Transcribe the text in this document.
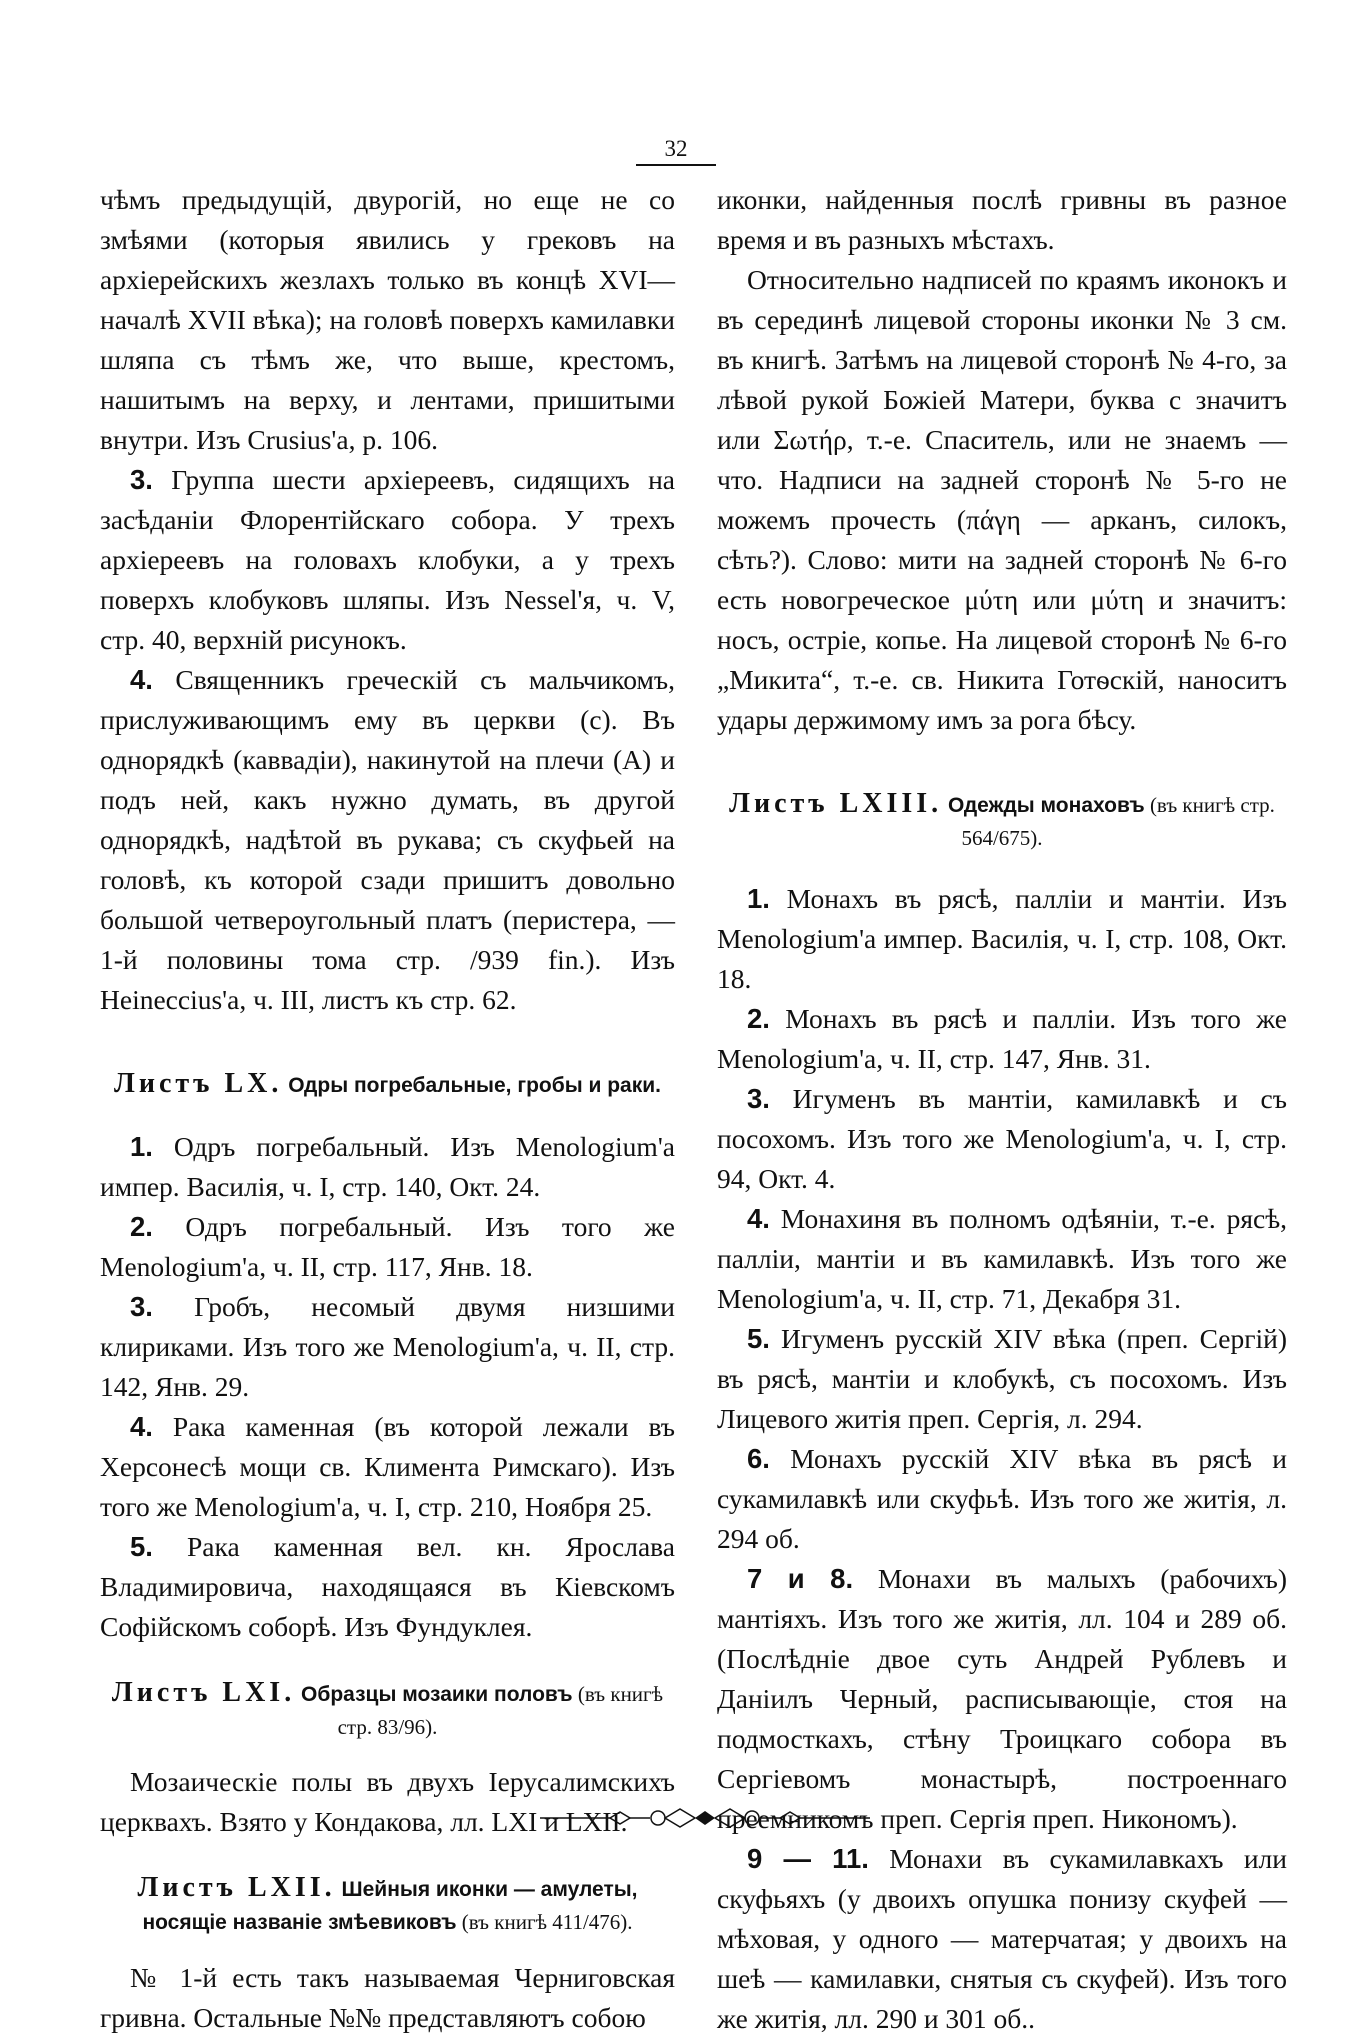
32

чѣмъ предыдущій, двурогій, но еще не со змѣями (которыя явились у грековъ на архіерейскихъ жезлахъ только въ концѣ XVI—началѣ XVII вѣка); на головѣ поверхъ камилавки шляпа съ тѣмъ же, что выше, крестомъ, нашитымъ на верху, и лентами, пришитыми внутри. Изъ Crusius'а, р. 106.

3. Группа шести архіереевъ, сидящихъ на засѣданіи Флорентійскаго собора. У трехъ архіереевъ на головахъ клобуки, а у трехъ поверхъ клобуковъ шляпы. Изъ Nessel'я, ч. V, стр. 40, верхній рисунокъ.

4. Священникъ греческій съ мальчикомъ, прислуживающимъ ему въ церкви (c). Въ однорядкѣ (каввадіи), накинутой на плечи (A) и подъ ней, какъ нужно думать, въ другой однорядкѣ, надѣтой въ рукава; съ скуфьей на головѣ, къ которой сзади пришитъ довольно большой четвероугольный платъ (перистера, — 1-й половины тома стр. /939 fin.). Изъ Heineccius'а, ч. III, листъ къ стр. 62.

Листъ LX. Одры погребальные, гробы и раки.

1. Одръ погребальный. Изъ Menologium'а импер. Василія, ч. I, стр. 140, Окт. 24.

2. Одръ погребальный. Изъ того же Menologium'а, ч. II, стр. 117, Янв. 18.

3. Гробъ, несомый двумя низшими клириками. Изъ того же Menologium'а, ч. II, стр. 142, Янв. 29.

4. Рака каменная (въ которой лежали въ Херсонесѣ мощи св. Климента Римскаго). Изъ того же Menologium'а, ч. I, стр. 210, Ноября 25.

5. Рака каменная вел. кн. Ярослава Владимировича, находящаяся въ Кіевскомъ Софійскомъ соборѣ. Изъ Фундуклея.

Листъ LXI. Образцы мозаики половъ (въ книгѣ стр. 83/96).

Мозаическіе полы въ двухъ Іерусалимскихъ церквахъ. Взято у Кондакова, лл. LXI и LXII.

Листъ LXII. Шейныя иконки — амулеты, носящіе названіе змѣевиковъ (въ книгѣ 411/476).

№ 1-й есть такъ называемая Черниговская гривна. Остальные №№ представляютъ собою

иконки, найденныя послѣ гривны въ разное время и въ разныхъ мѣстахъ.

Относительно надписей по краямъ иконокъ и въ серединѣ лицевой стороны иконки № 3 см. въ книгѣ. Затѣмъ на лицевой сторонѣ № 4-го, за лѣвой рукой Божіей Матери, буква с значитъ или Σωτήρ, т.-е. Спаситель, или не знаемъ — что. Надписи на задней сторонѣ № 5-го не можемъ прочесть (πάγη — арканъ, силокъ, сѣть?). Слово: мити на задней сторонѣ № 6-го есть новогреческое μύτη или μύτη и значитъ: носъ, остріе, копье. На лицевой сторонѣ № 6-го „Микита“, т.-е. св. Никита Готѳскій, наноситъ удары держимому имъ за рога бѣсу.

Листъ LXIII. Одежды монаховъ (въ книгѣ стр. 564/675).

1. Монахъ въ рясѣ, палліи и мантіи. Изъ Menologium'а импер. Василія, ч. I, стр. 108, Окт. 18.

2. Монахъ въ рясѣ и палліи. Изъ того же Menologium'а, ч. II, стр. 147, Янв. 31.

3. Игуменъ въ мантіи, камилавкѣ и съ посохомъ. Изъ того же Menologium'а, ч. I, стр. 94, Окт. 4.

4. Монахиня въ полномъ одѣяніи, т.-е. рясѣ, палліи, мантіи и въ камилавкѣ. Изъ того же Menologium'а, ч. II, стр. 71, Декабря 31.

5. Игуменъ русскій XIV вѣка (преп. Сергій) въ рясѣ, мантіи и клобукѣ, съ посохомъ. Изъ Лицевого житія преп. Сергія, л. 294.

6. Монахъ русскій XIV вѣка въ рясѣ и сукамилавкѣ или скуфьѣ. Изъ того же житія, л. 294 об.

7 и 8. Монахи въ малыхъ (рабочихъ) мантіяхъ. Изъ того же житія, лл. 104 и 289 об. (Послѣдніе двое суть Андрей Рублевъ и Даніилъ Черный, расписывающіе, стоя на подмосткахъ, стѣну Троицкаго собора въ Сергіевомъ монастырѣ, построеннаго преемникомъ преп. Сергія преп. Никономъ).

9 — 11. Монахи въ сукамилавкахъ или скуфьяхъ (у двоихъ опушка понизу скуфей — мѣховая, у одного — матерчатая; у двоихъ на шеѣ — камилавки, снятыя съ скуфей). Изъ того же житія, лл. 290 и 301 об..
